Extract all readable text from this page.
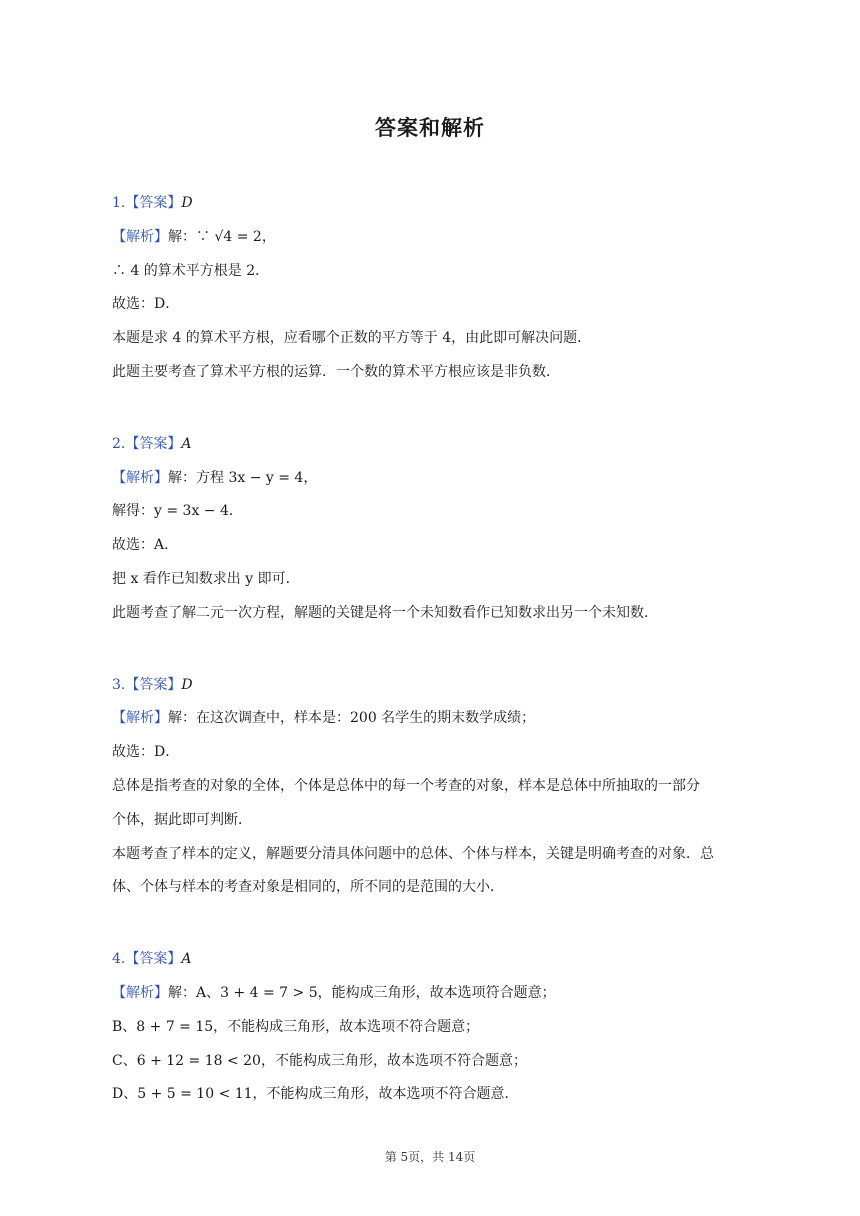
答案和解析
1.【答案】D
【解析】解：∵ √4 = 2，
∴ 4 的算术平方根是 2．
故选：D．
本题是求 4 的算术平方根，应看哪个正数的平方等于 4，由此即可解决问题．
此题主要考查了算术平方根的运算．一个数的算术平方根应该是非负数．
2.【答案】A
【解析】解：方程 3x − y = 4，
解得：y = 3x − 4．
故选：A．
把 x 看作已知数求出 y 即可．
此题考查了解二元一次方程，解题的关键是将一个未知数看作已知数求出另一个未知数．
3.【答案】D
【解析】解：在这次调查中，样本是：200 名学生的期末数学成绩；
故选：D．
总体是指考查的对象的全体，个体是总体中的每一个考查的对象，样本是总体中所抽取的一部分
个体，据此即可判断．
本题考查了样本的定义，解题要分清具体问题中的总体、个体与样本，关键是明确考查的对象．总
体、个体与样本的考查对象是相同的，所不同的是范围的大小．
4.【答案】A
【解析】解：A、3 + 4 = 7 > 5，能构成三角形，故本选项符合题意；
B、8 + 7 = 15，不能构成三角形，故本选项不符合题意；
C、6 + 12 = 18 < 20，不能构成三角形，故本选项不符合题意；
D、5 + 5 = 10 < 11，不能构成三角形，故本选项不符合题意．
第 5页，共 14页
